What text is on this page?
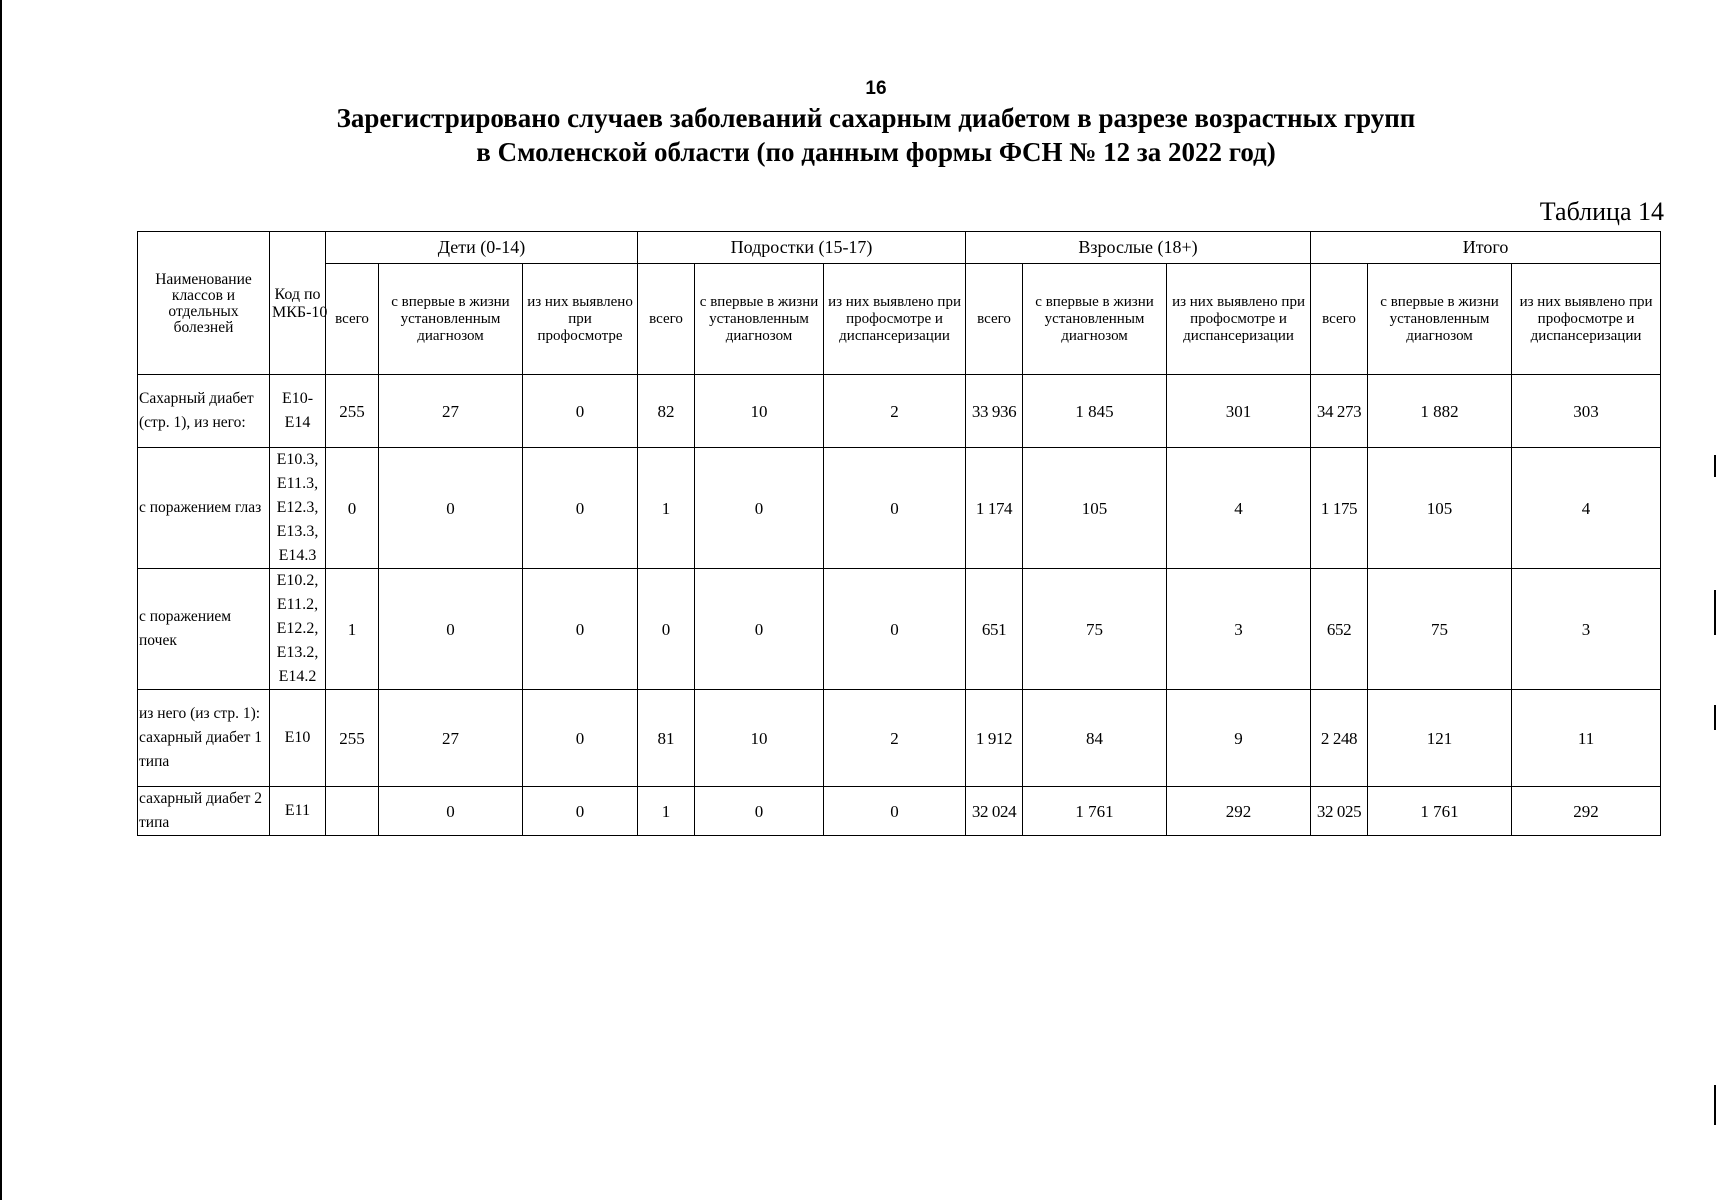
16
Зарегистрировано случаев заболеваний сахарным диабетом в разрезе возрастных групп
в Смоленской области (по данным формы ФСН № 12 за 2022 год)
Таблица 14
Наименование классов и отдельных болезней	Код по МКБ-10	Дети (0-14)			Подростки (15-17)			Взрослые (18+)			Итого		
		всего	с впервые в жизни установленным диагнозом	из них выявлено при профосмотре	всего	с впервые в жизни установленным диагнозом	из них выявлено при профосмотре и диспансеризации	всего	с впервые в жизни установленным диагнозом	из них выявлено при профосмотре и диспансеризации	всего	с впервые в жизни установленным диагнозом	из них выявлено при профосмотре и диспансеризации
Сахарный диабет (стр. 1), из него:	Е10-Е14	255	27	0	82	10	2	33 936	1 845	301	34 273	1 882	303
с поражением глаз	Е10.3, Е11.3, Е12.3, Е13.3, Е14.3	0	0	0	1	0	0	1 174	105	4	1 175	105	4
с поражением почек	Е10.2, Е11.2, Е12.2, Е13.2, Е14.2	1	0	0	0	0	0	651	75	3	652	75	3
из него (из стр. 1): сахарный диабет 1 типа	Е10	255	27	0	81	10	2	1 912	84	9	2 248	121	11
сахарный диабет 2 типа	Е11		0	0	1	0	0	32 024	1 761	292	32 025	1 761	292
